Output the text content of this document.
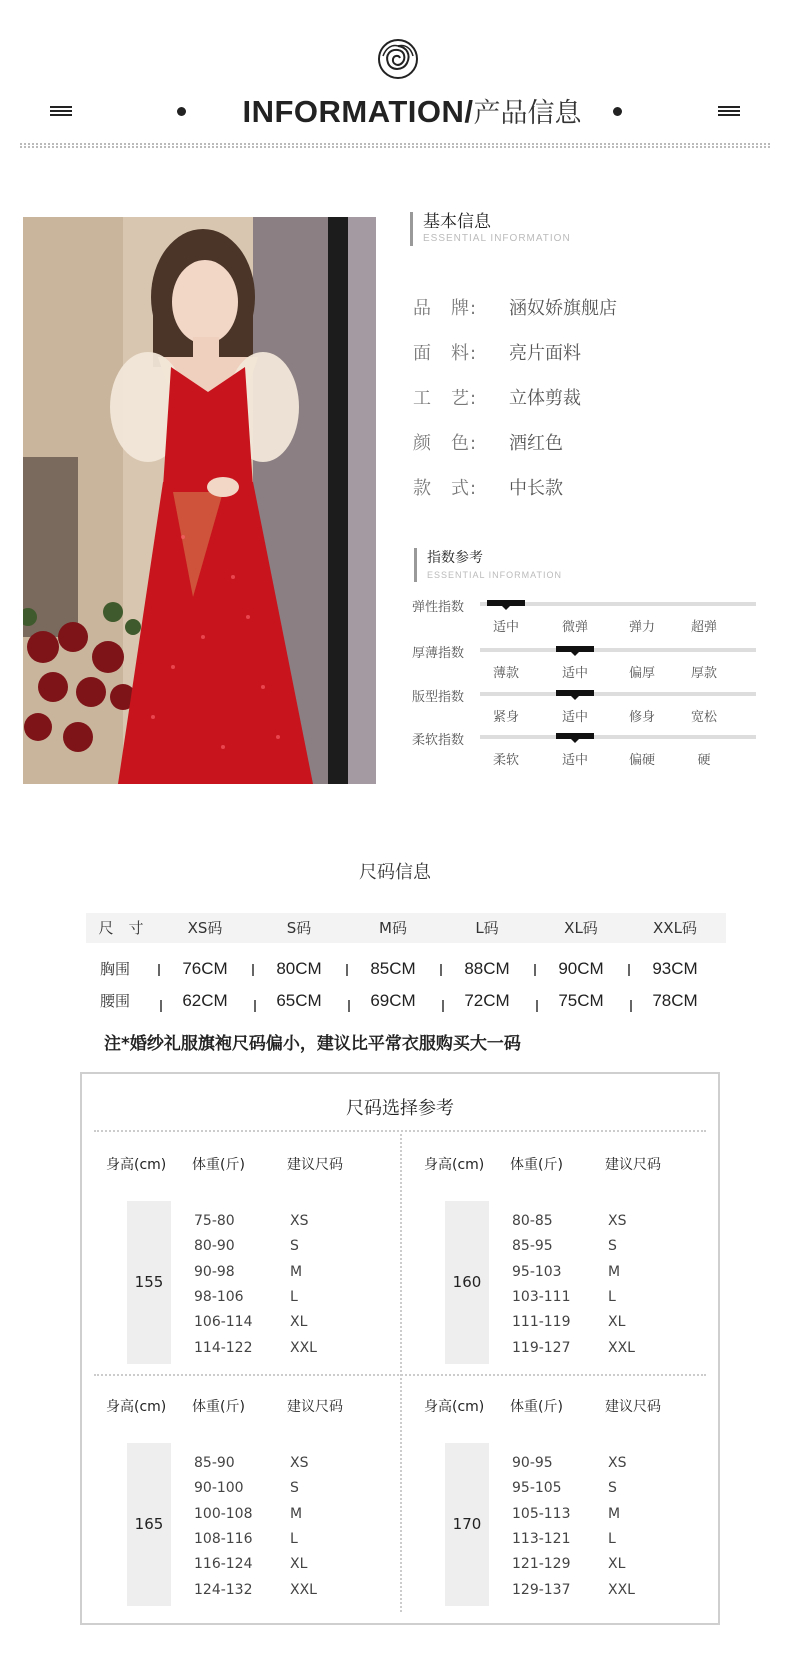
INFORMATION/产品信息
基本信息
ESSENTIAL INFORMATION
品　牌: 涵奴娇旗舰店
面　料: 亮片面料
工　艺: 立体剪裁
颜　色: 酒红色
款　式: 中长款
指数参考
ESSENTIAL INFORMATION
弹性指数
适中	微弹	弹力	超弹
厚薄指数
薄款	适中	偏厚	厚款
版型指数
紧身	适中	修身	宽松
柔软指数
柔软	适中	偏硬	硬
尺码信息
尺　寸	XS码	S码	M码	L码	XL码	XXL码
胸围	76CM	80CM	85CM	88CM	90CM	93CM
腰围	62CM	65CM	69CM	72CM	75CM	78CM
注*婚纱礼服旗袍尺码偏小，建议比平常衣服购买大一码
尺码选择参考
身高(cm) 体重(斤)	建议尺码
155
75-80	XS
80-90	S
90-98	M
98-106	L
106-114	XL
114-122	XXL
身高(cm) 体重(斤)	建议尺码
160
80-85	XS
85-95	S
95-103	M
103-111	L
111-119	XL
119-127	XXL
身高(cm) 体重(斤)	建议尺码
165
85-90	XS
90-100	S
100-108	M
108-116	L
116-124	XL
124-132	XXL
身高(cm) 体重(斤)	建议尺码
170
90-95	XS
95-105	S
105-113	M
113-121	L
121-129	XL
129-137	XXL
